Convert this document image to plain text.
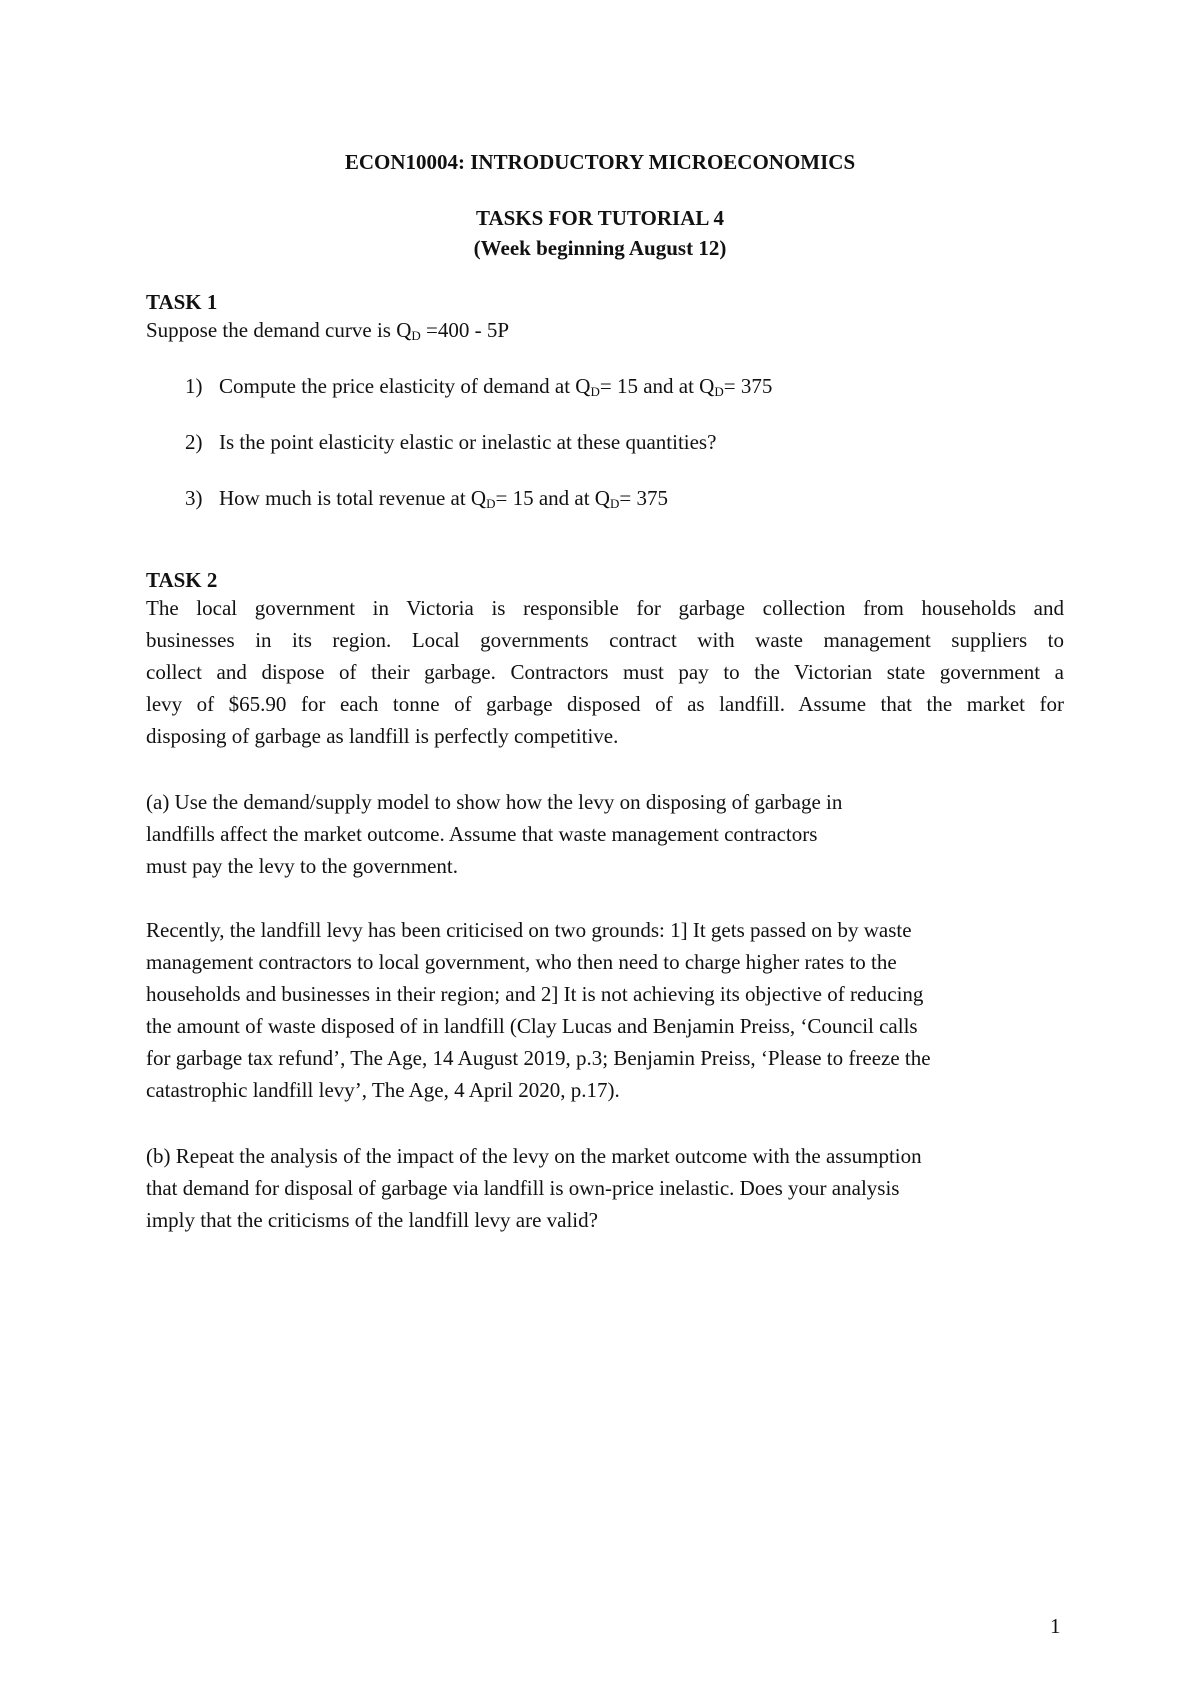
ECON10004: INTRODUCTORY MICROECONOMICS
TASKS FOR TUTORIAL 4
(Week beginning August 12)
TASK 1
Suppose the demand curve is $Q_D =400 - 5P$
1) Compute the price elasticity of demand at $Q_D= 15$ and at $Q_D= 375$
2) Is the point elasticity elastic or inelastic at these quantities?
3) How much is total revenue at $Q_D= 15$ and at $Q_D= 375$
TASK 2
The local government in Victoria is responsible for garbage collection from households and
businesses in its region. Local governments contract with waste management suppliers to
collect and dispose of their garbage. Contractors must pay to the Victorian state government a
levy of $65.90 for each tonne of garbage disposed of as landfill. Assume that the market for
disposing of garbage as landfill is perfectly competitive.
(a) Use the demand/supply model to show how the levy on disposing of garbage in
landfills affect the market outcome. Assume that waste management contractors
must pay the levy to the government.
Recently, the landfill levy has been criticised on two grounds: 1] It gets passed on by waste
management contractors to local government, who then need to charge higher rates to the
households and businesses in their region; and 2] It is not achieving its objective of reducing
the amount of waste disposed of in landfill (Clay Lucas and Benjamin Preiss, ‘Council calls
for garbage tax refund’, The Age, 14 August 2019, p.3; Benjamin Preiss, ‘Please to freeze the
catastrophic landfill levy’, The Age, 4 April 2020, p.17).
(b) Repeat the analysis of the impact of the levy on the market outcome with the assumption
that demand for disposal of garbage via landfill is own-price inelastic. Does your analysis
imply that the criticisms of the landfill levy are valid?
1
